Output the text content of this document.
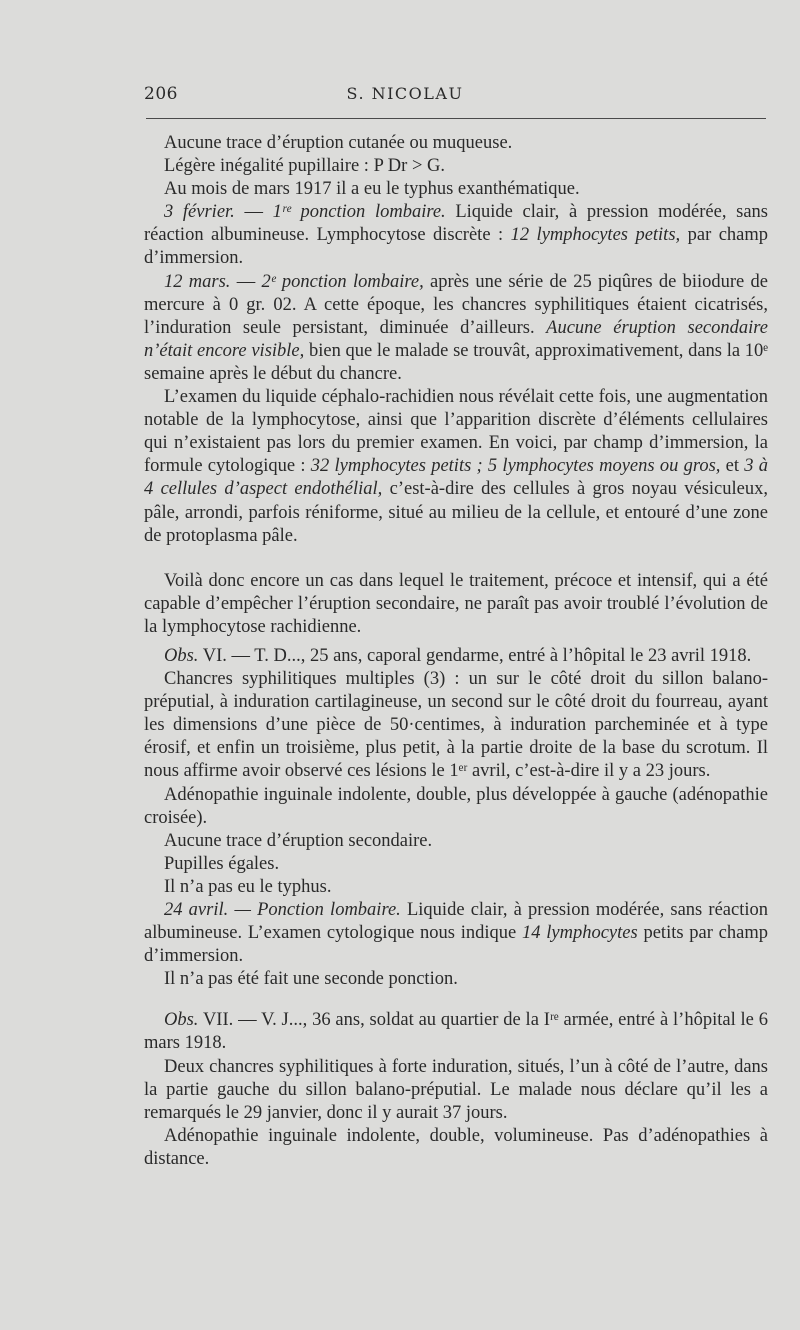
206	S. NICOLAU

Aucune trace d’éruption cutanée ou muqueuse.

Légère inégalité pupillaire : P Dr > G.

Au mois de mars 1917 il a eu le typhus exanthématique.

3 février. — 1ʳᵉ ponction lombaire. Liquide clair, à pression modérée, sans réaction albumineuse. Lymphocytose discrète : 12 lymphocytes petits, par champ d’immersion.

12 mars. — 2ᵉ ponction lombaire, après une série de 25 piqûres de biiodure de mercure à 0 gr. 02. A cette époque, les chancres syphilitiques étaient cicatrisés, l’induration seule persistant, diminuée d’ailleurs. Aucune éruption secondaire n’était encore visible, bien que le malade se trouvât, approximativement, dans la 10ᵉ semaine après le début du chancre.

L’examen du liquide céphalo-rachidien nous révélait cette fois, une augmentation notable de la lymphocytose, ainsi que l’apparition discrète d’éléments cellulaires qui n’existaient pas lors du premier examen. En voici, par champ d’immersion, la formule cytologique : 32 lymphocytes petits ; 5 lymphocytes moyens ou gros, et 3 à 4 cellules d’aspect endothélial, c’est-à-dire des cellules à gros noyau vésiculeux, pâle, arrondi, parfois réniforme, situé au milieu de la cellule, et entouré d’une zone de protoplasma pâle.

Voilà donc encore un cas dans lequel le traitement, précoce et intensif, qui a été capable d’empêcher l’éruption secondaire, ne paraît pas avoir troublé l’évolution de la lymphocytose rachidienne.

Obs. VI. — T. D..., 25 ans, caporal gendarme, entré à l’hôpital le 23 avril 1918.

Chancres syphilitiques multiples (3) : un sur le côté droit du sillon balano-préputial, à induration cartilagineuse, un second sur le côté droit du fourreau, ayant les dimensions d’une pièce de 50·centimes, à induration parcheminée et à type érosif, et enfin un troisième, plus petit, à la partie droite de la base du scrotum. Il nous affirme avoir observé ces lésions le 1ᵉʳ avril, c’est-à-dire il y a 23 jours.

Adénopathie inguinale indolente, double, plus développée à gauche (adénopathie croisée).

Aucune trace d’éruption secondaire.

Pupilles égales.

Il n’a pas eu le typhus.

24 avril. — Ponction lombaire. Liquide clair, à pression modérée, sans réaction albumineuse. L’examen cytologique nous indique 14 lymphocytes petits par champ d’immersion.

Il n’a pas été fait une seconde ponction.

Obs. VII. — V. J..., 36 ans, soldat au quartier de la Iʳᵉ armée, entré à l’hôpital le 6 mars 1918.

Deux chancres syphilitiques à forte induration, situés, l’un à côté de l’autre, dans la partie gauche du sillon balano-préputial. Le malade nous déclare qu’il les a remarqués le 29 janvier, donc il y aurait 37 jours.

Adénopathie inguinale indolente, double, volumineuse. Pas d’adénopathies à distance.
